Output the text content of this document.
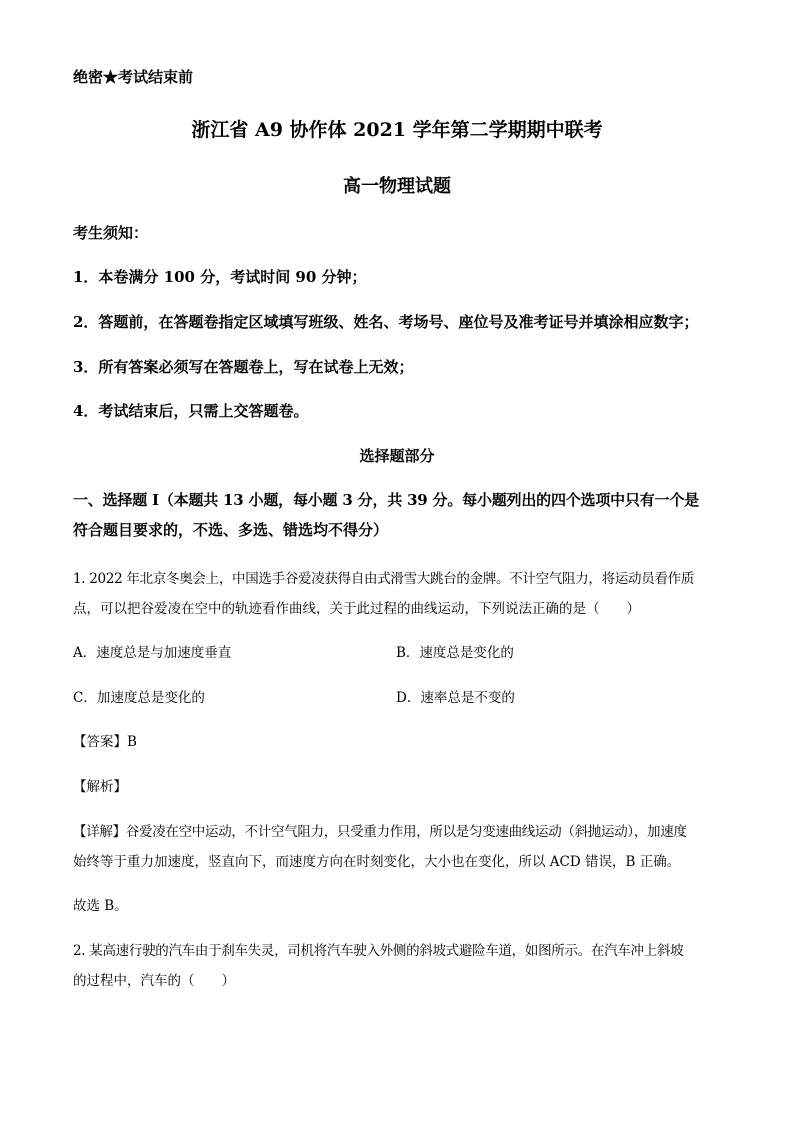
绝密★考试结束前
浙江省 A9 协作体 2021 学年第二学期期中联考
高一物理试题
考生须知：
1．本卷满分 100 分，考试时间 90 分钟；
2．答题前，在答题卷指定区域填写班级、姓名、考场号、座位号及准考证号并填涂相应数字；
3．所有答案必须写在答题卷上，写在试卷上无效；
4．考试结束后，只需上交答题卷。
选择题部分
一、选择题 I（本题共 13 小题，每小题 3 分，共 39 分。每小题列出的四个选项中只有一个是
符合题目要求的，不选、多选、错选均不得分）
1. 2022 年北京冬奥会上，中国选手谷爱凌获得自由式滑雪大跳台的金牌。不计空气阻力，将运动员看作质
点，可以把谷爱凌在空中的轨迹看作曲线，关于此过程的曲线运动，下列说法正确的是（　　）
A．速度总是与加速度垂直	B．速度总是变化的
C．加速度总是变化的	D．速率总是不变的
【答案】B
【解析】
【详解】谷爱凌在空中运动，不计空气阻力，只受重力作用，所以是匀变速曲线运动（斜抛运动），加速度
始终等于重力加速度，竖直向下，而速度方向在时刻变化，大小也在变化，所以 ACD 错误，B 正确。
故选 B。
2. 某高速行驶的汽车由于刹车失灵，司机将汽车驶入外侧的斜坡式避险车道，如图所示。在汽车冲上斜坡
的过程中，汽车的（　　）
